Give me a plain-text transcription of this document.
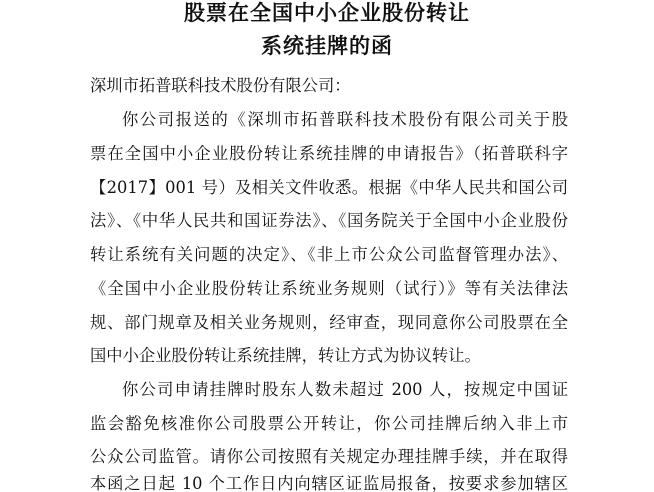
股票在全国中小企业股份转让
系统挂牌的函

深圳市拓普联科技术股份有限公司：

你公司报送的《深圳市拓普联科技术股份有限公司关于股

票在全国中小企业股份转让系统挂牌的申请报告》（拓普联科字

【2017】001 号）及相关文件收悉。根据《中华人民共和国公司

法》、《中华人民共和国证券法》、《国务院关于全国中小企业股份

转让系统有关问题的决定》、《非上市公众公司监督管理办法》、

《全国中小企业股份转让系统业务规则（试行）》等有关法律法

规、部门规章及相关业务规则，经审查，现同意你公司股票在全

国中小企业股份转让系统挂牌，转让方式为协议转让。

你公司申请挂牌时股东人数未超过 200 人，按规定中国证

监会豁免核准你公司股票公开转让，你公司挂牌后纳入非上市

公众公司监管。请你公司按照有关规定办理挂牌手续，并在取得

本函之日起 10 个工作日内向辖区证监局报备，按要求参加辖区
